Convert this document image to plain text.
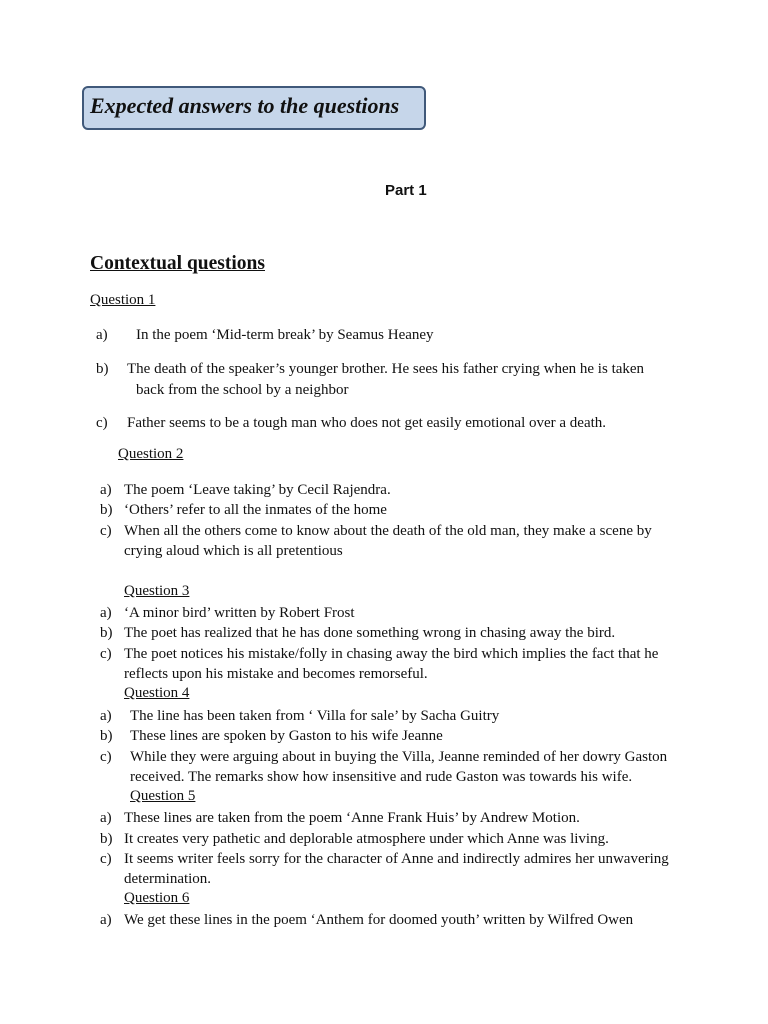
Expected answers to the questions
Part 1
Contextual questions
Question 1
a) In the poem ‘Mid-term break’ by Seamus Heaney
b) The death of the speaker’s younger brother. He sees his father crying when he is taken
back from the school by a neighbor
c) Father seems to be a tough man who does not get easily emotional over a death.
Question 2
a) The poem ‘Leave taking’ by Cecil Rajendra.
b) ‘Others’ refer to all the inmates of the home
c) When all the others come to know about the death of the old man, they make a scene by
crying aloud which is all pretentious
Question 3
a) ‘A minor bird’ written by Robert Frost
b) The poet has realized that he has done something wrong in chasing away the bird.
c) The poet notices his mistake/folly in chasing away the bird which implies the fact that he
reflects upon his mistake and becomes remorseful.
Question 4
a) The line has been taken from ‘ Villa for sale’ by Sacha Guitry
b) These lines are spoken by Gaston to his wife Jeanne
c) While they were arguing about in buying the Villa, Jeanne reminded of her dowry Gaston
received. The remarks show how insensitive and rude Gaston was towards his wife.
Question 5
a) These lines are taken from the poem ‘Anne Frank Huis’ by Andrew Motion.
b) It creates very pathetic and deplorable atmosphere under which Anne was living.
c) It seems writer feels sorry for the character of Anne and indirectly admires her unwavering
determination.
Question 6
a) We get these lines in the poem ‘Anthem for doomed youth’ written by Wilfred Owen
